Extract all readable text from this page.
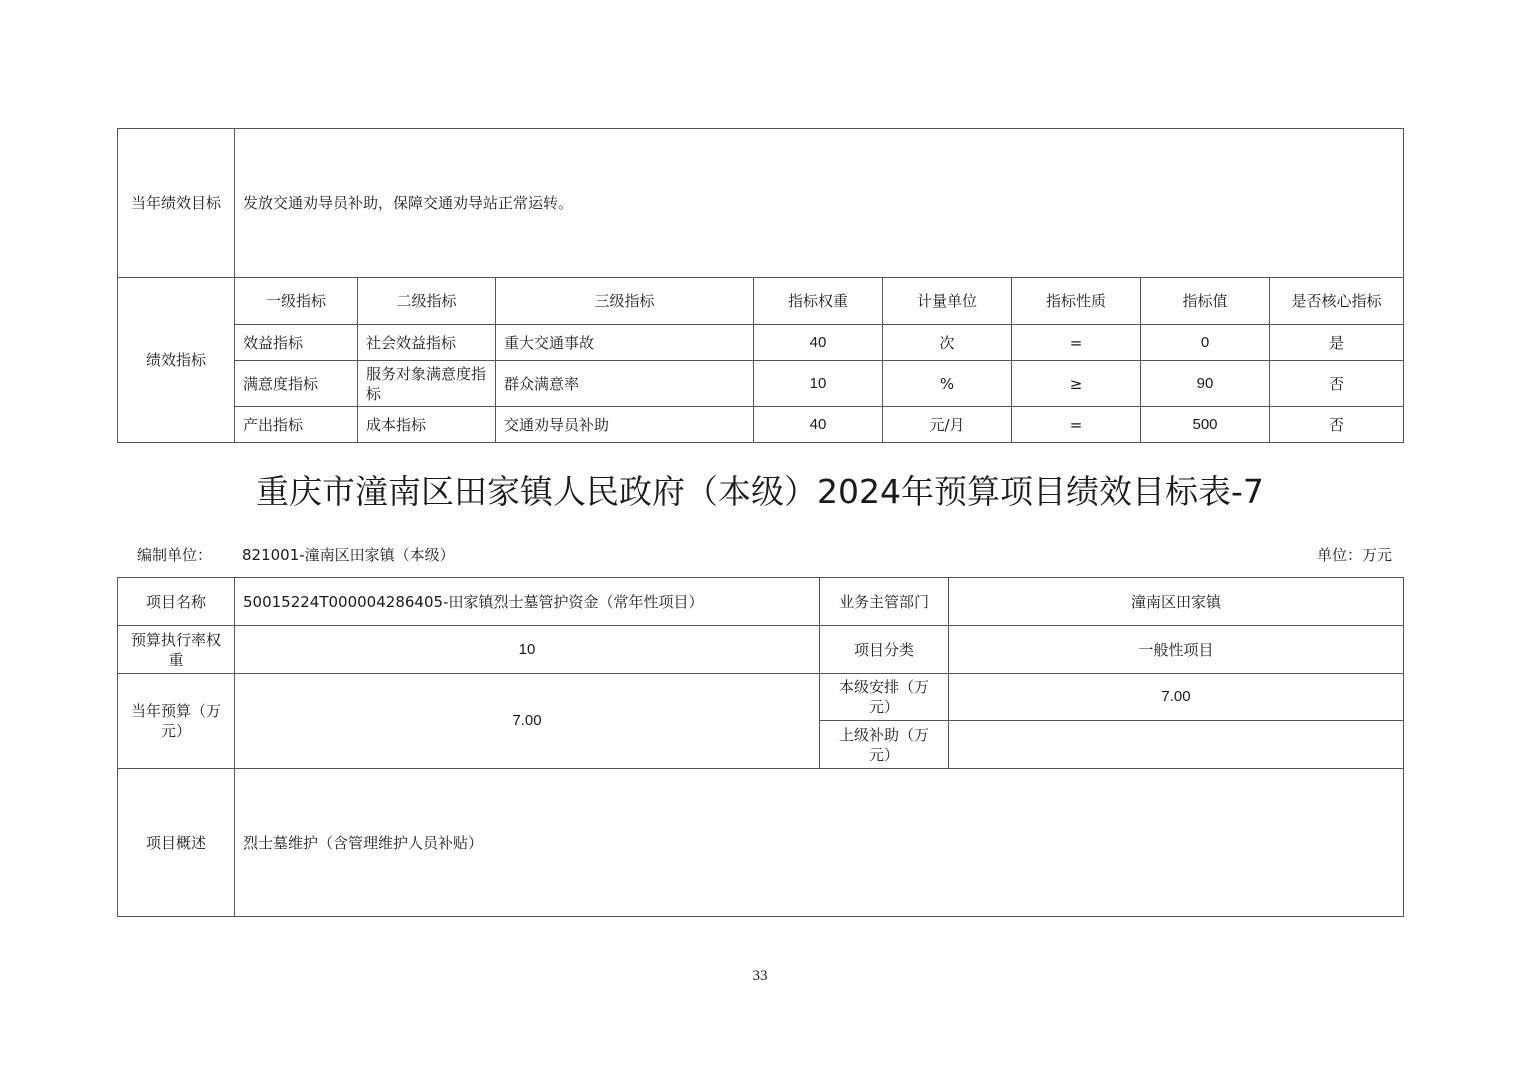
当年绩效目标	发放交通劝导员补助，保障交通劝导站正常运转。							
绩效指标	一级指标	二级指标	三级指标	指标权重	计量单位	指标性质	指标值	是否核心指标
	效益指标	社会效益指标	重大交通事故	40	次	=	0	是
	满意度指标	服务对象满意度指标	群众满意率	10	%	≥	90	否
	产出指标	成本指标	交通劝导员补助	40	元/月	=	500	否
重庆市潼南区田家镇人民政府（本级）2024年预算项目绩效目标表-7
编制单位： 821001-潼南区田家镇（本级）	单位：万元
项目名称	50015224T000004286405-田家镇烈士墓管护资金（常年性项目）	业务主管部门	潼南区田家镇
预算执行率权重	10	项目分类	一般性项目
当年预算（万元）	7.00	本级安排（万元）	7.00
		上级补助（万元）	
项目概述	烈士墓维护（含管理维护人员补贴）		
33
